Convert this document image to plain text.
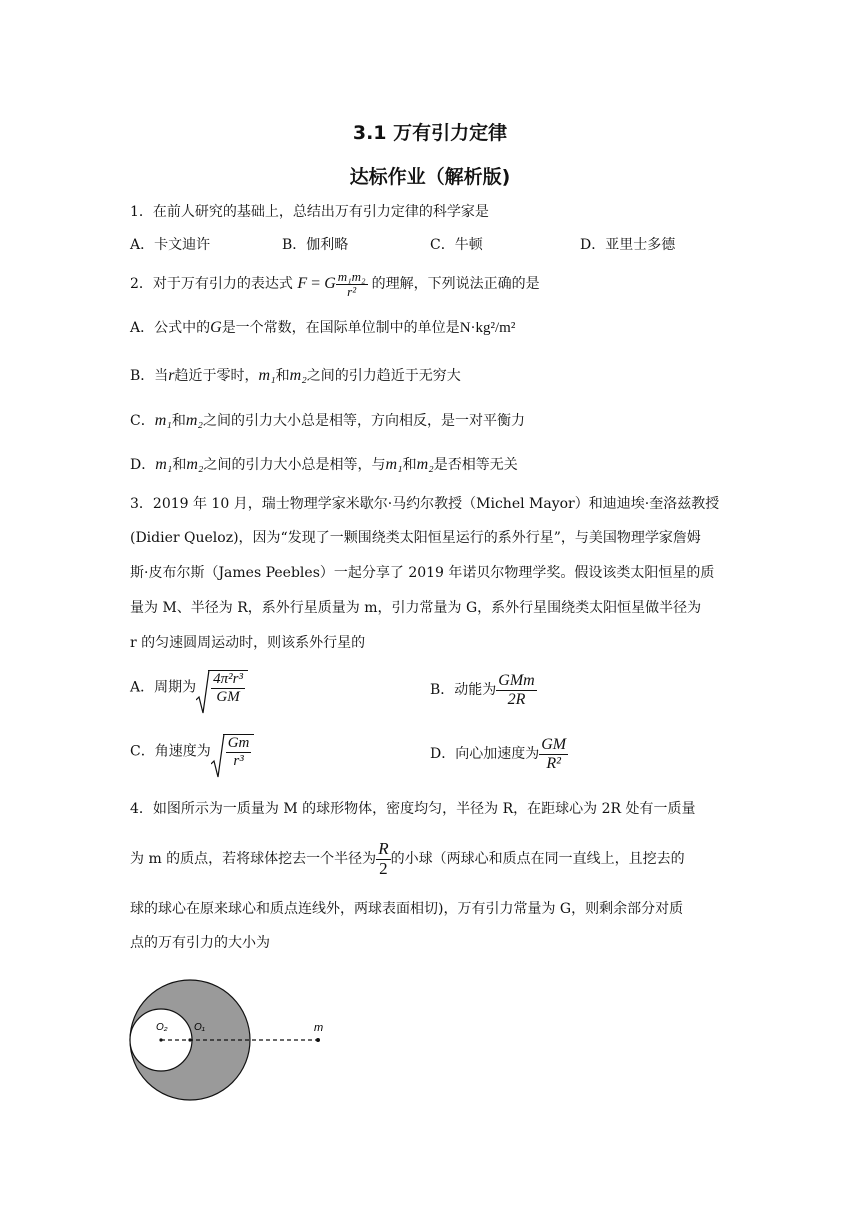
3.1 万有引力定律
达标作业（解析版)
1．在前人研究的基础上，总结出万有引力定律的科学家是
A．卡文迪许	B．伽利略	C．牛顿	D．亚里士多德
2．对于万有引力的表达式 F = G $\frac{\text{m₁m₂}}{\text{r²}}$ 的理解，下列说法正确的是
A．公式中的G是一个常数，在国际单位制中的单位是N·kg²/m²
B．当r趋近于零时，m₁和m₂之间的引力趋近于无穷大
C．m₁和m₂之间的引力大小总是相等，方向相反，是一对平衡力
D．m₁和m₂之间的引力大小总是相等，与m₁和m₂是否相等无关
3．2019 年 10 月，瑞士物理学家米歇尔·马约尔教授（Michel Mayor）和迪迪埃·奎洛兹教授
(Didier Queloz)，因为“发现了一颗围绕类太阳恒星运行的系外行星”，与美国物理学家詹姆
斯·皮布尔斯（James Peebles）一起分享了 2019 年诺贝尔物理学奖。假设该类太阳恒星的质
量为 M、半径为 R，系外行星质量为 m，引力常量为 G，系外行星围绕类太阳恒星做半径为
r 的匀速圆周运动时，则该系外行星的
A．周期为 $\frac{\text{4π²r³}}{GM}$	B．动能为 $\frac{\text{GMm}}{2R}$
C．角速度为 $\frac{Gm}{\text{r³}}$	D．向心加速度为 $\frac{GM}{\text{R²}}$
4．如图所示为一质量为 M 的球形物体，密度均匀，半径为 R，在距球心为 2R 处有一质量
为 m 的质点，若将球体挖去一个半径为 $\frac{R}{2}$ 的小球（两球心和质点在同一直线上，且挖去的
球的球心在原来球心和质点连线外，两球表面相切)，万有引力常量为 G，则剩余部分对质
点的万有引力的大小为
O₂	O₁	m
